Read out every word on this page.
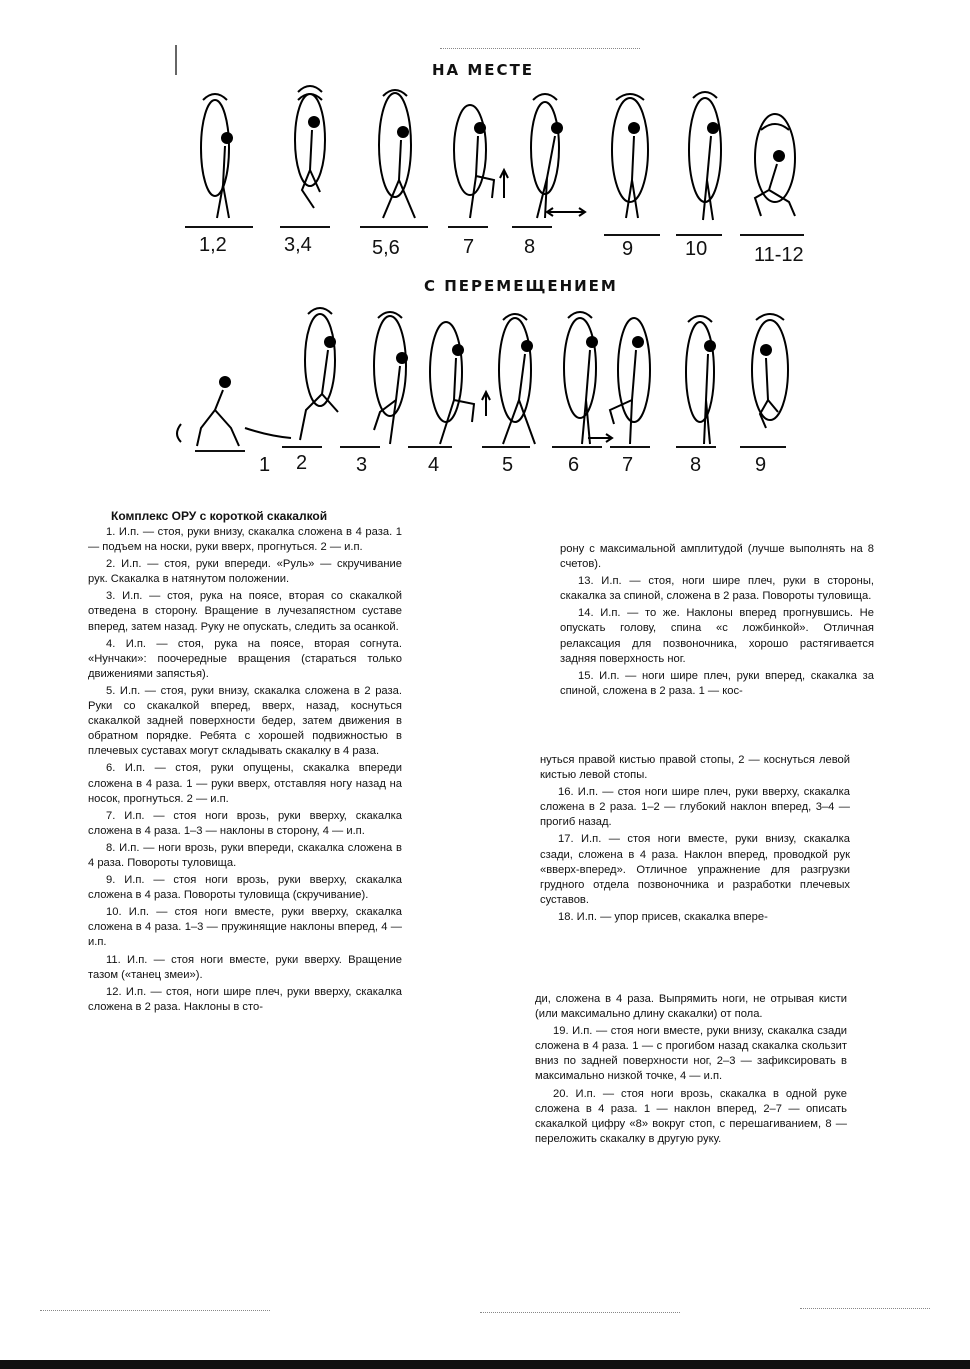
НА МЕСТЕ
1,2	3,4	5,6	7 8	9	10 11-12
С ПЕРЕМЕЩЕНИЕМ
1 2 3	4	5	6 7	8	9
Комплекс ОРУ с короткой скакалкой

1. И.п. — стоя, руки внизу, скакалка сложена в 4 раза. 1 — подъем на носки, руки вверх, прогнуться. 2 — и.п.

2. И.п. — стоя, руки впереди. «Руль» — скручивание рук. Скакалка в натянутом положении.

3. И.п. — стоя, рука на поясе, вторая со скакалкой отведена в сторону. Вращение в лучезапястном суставе вперед, затем назад. Руку не опускать, следить за осанкой.

4. И.п. — стоя, рука на поясе, вторая согнута. «Нунчаки»: поочередные вращения (стараться только движениями запястья).

5. И.п. — стоя, руки внизу, скакалка сложена в 2 раза. Руки со скакалкой вперед, вверх, назад, коснуться скакалкой задней поверхности бедер, затем движения в обратном порядке. Ребята с хорошей подвижностью в плечевых суставах могут складывать скакалку в 4 раза.

6. И.п. — стоя, руки опущены, скакалка впереди сложена в 4 раза. 1 — руки вверх, отставляя ногу назад на носок, прогнуться. 2 — и.п.

7. И.п. — стоя ноги врозь, руки вверху, скакалка сложена в 4 раза. 1–3 — наклоны в сторону, 4 — и.п.

8. И.п. — ноги врозь, руки впереди, скакалка сложена в 4 раза. Повороты туловища.

9. И.п. — стоя ноги врозь, руки вверху, скакалка сложена в 4 раза. Повороты туловища (скручивание).

10. И.п. — стоя ноги вместе, руки вверху, скакалка сложена в 4 раза. 1–3 — пружинящие наклоны вперед, 4 — и.п.

11. И.п. — стоя ноги вместе, руки вверху. Вращение тазом («танец змеи»).

12. И.п. — стоя, ноги шире плеч, руки вверху, скакалка сложена в 2 раза. Наклоны в сто-

рону с максимальной амплитудой (лучше выполнять на 8 счетов).

13. И.п. — стоя, ноги шире плеч, руки в стороны, скакалка за спиной, сложена в 2 раза. Повороты туловища.

14. И.п. — то же. Наклоны вперед прогнувшись. Не опускать голову, спина «с ложбинкой». Отличная релаксация для позвоночника, хорошо растягивается задняя поверхность ног.

15. И.п. — ноги шире плеч, руки вперед, скакалка за спиной, сложена в 2 раза. 1 — кос-

нуться правой кистью правой стопы, 2 — коснуться левой кистью левой стопы.

16. И.п. — стоя ноги шире плеч, руки вверху, скакалка сложена в 2 раза. 1–2 — глубокий наклон вперед, 3–4 — прогиб назад.

17. И.п. — стоя ноги вместе, руки внизу, скакалка сзади, сложена в 4 раза. Наклон вперед, проводкой рук «вверх-вперед». Отличное упражнение для разгрузки грудного отдела позвоночника и разработки плечевых суставов.

18. И.п. — упор присев, скакалка впере-

ди, сложена в 4 раза. Выпрямить ноги, не отрывая кисти (или максимально длину скакалки) от пола.

19. И.п. — стоя ноги вместе, руки внизу, скакалка сзади сложена в 4 раза. 1 — с прогибом назад скакалка скользит вниз по задней поверхности ног, 2–3 — зафиксировать в максимально низкой точке, 4 — и.п.

20. И.п. — стоя ноги врозь, скакалка в одной руке сложена в 4 раза. 1 — наклон вперед, 2–7 — описать скакалкой цифру «8» вокруг стоп, с перешагиванием, 8 — переложить скакалку в другую руку.
